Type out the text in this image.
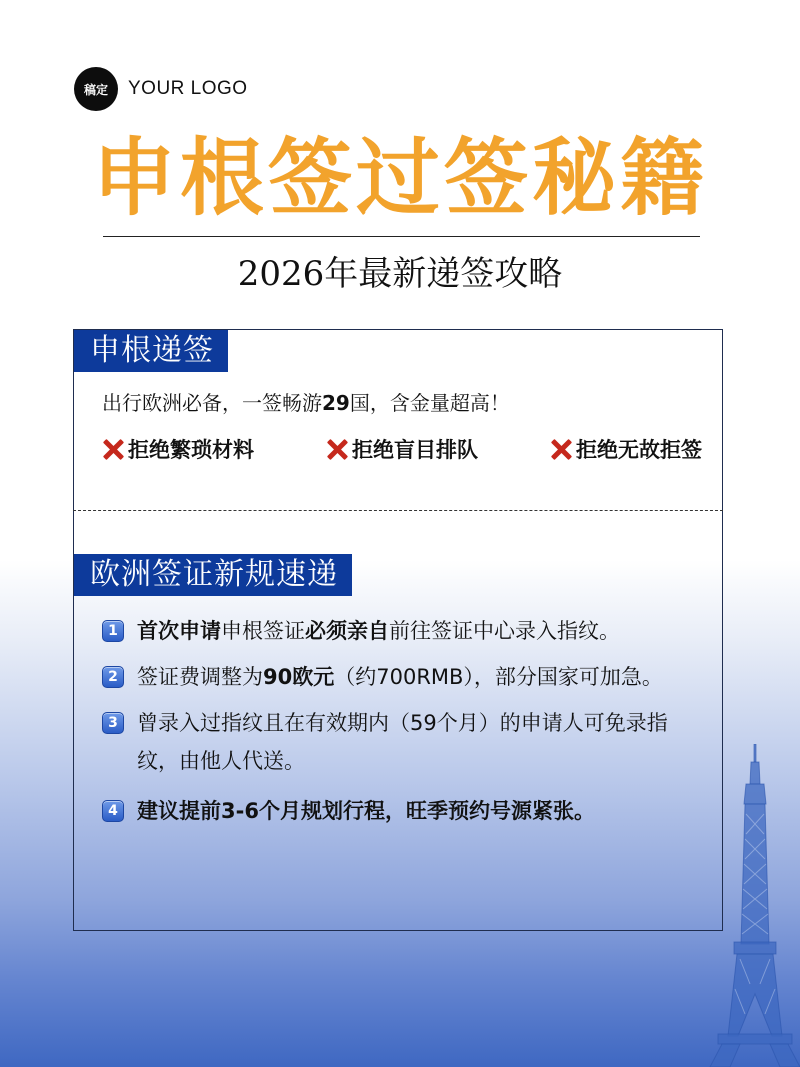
稿定	YOUR LOGO
申根签过签秘籍
2026年最新递签攻略
申根递签
出行欧洲必备，一签畅游29国，含金量超高！
拒绝繁琐材料	拒绝盲目排队	拒绝无故拒签
欧洲签证新规速递
1 首次申请申根签证必须亲自前往签证中心录入指纹。
2 签证费调整为90欧元（约700RMB），部分国家可加急。
3 曾录入过指纹且在有效期内（59个月）的申请人可免录指纹，由他人代送。
4 建议提前3-6个月规划行程，旺季预约号源紧张。
